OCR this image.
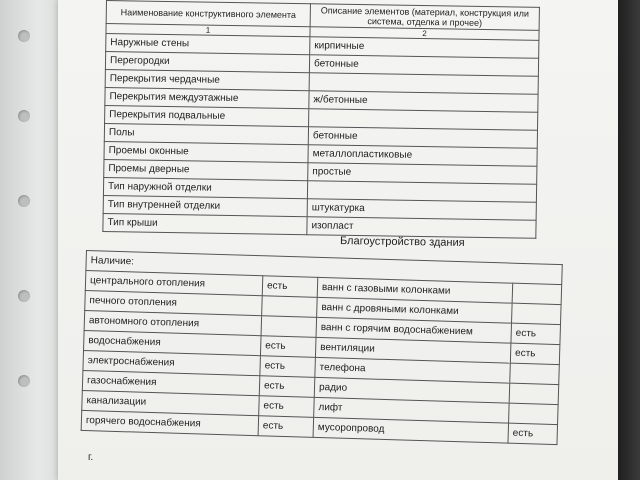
Наименование конструктивного элемента	Описание элементов (материал, конструкция или система, отделка и прочее)
1	2
Наружные стены	кирпичные
Перегородки	бетонные
Перекрытия чердачные	
Перекрытия междуэтажные	ж/бетонные
Перекрытия подвальные	
Полы	бетонные
Проемы оконные	металлопластиковые
Проемы дверные	простые
Тип наружной отделки	
Тип внутренней отделки	штукатурка
Тип крыши	изопласт
Благоустройство здания
Наличие:			
центрального отопления	есть	ванн с газовыми колонками	
печного отопления		ванн с дровяными колонками	
автономного отопления		ванн с горячим водоснабжением	есть
водоснабжения	есть	вентиляции	есть
электроснабжения	есть	телефона	
газоснабжения	есть	радио	
канализации	есть	лифт	
горячего водоснабжения	есть	мусоропровод	есть
г.
